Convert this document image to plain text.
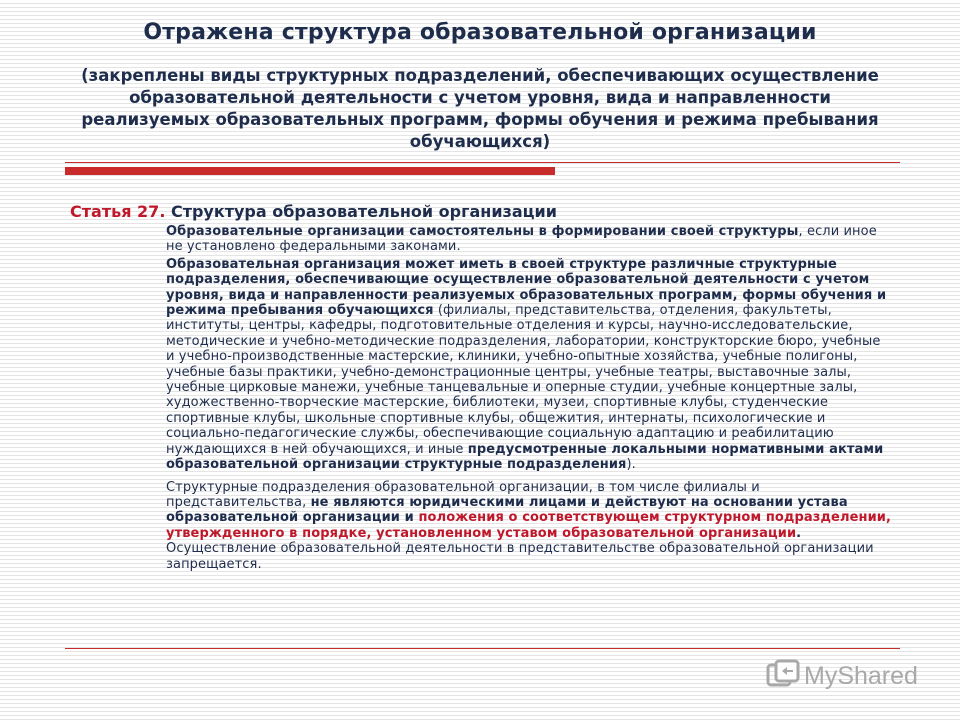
Отражена структура образовательной организации
(закреплены виды структурных подразделений, обеспечивающих осуществление образовательной деятельности с учетом уровня, вида и направленности реализуемых образовательных программ, формы обучения и режима пребывания обучающихся)
Статья 27. Структура образовательной организации

Образовательные организации самостоятельны в формировании своей структуры, если иное не установлено федеральными законами.

Образовательная организация может иметь в своей структуре различные структурные подразделения, обеспечивающие осуществление образовательной деятельности с учетом уровня, вида и направленности реализуемых образовательных программ, формы обучения и режима пребывания обучающихся (филиалы, представительства, отделения, факультеты, институты, центры, кафедры, подготовительные отделения и курсы, научно-исследовательские, методические и учебно-методические подразделения, лаборатории, конструкторские бюро, учебные и учебно-производственные мастерские, клиники, учебно-опытные хозяйства, учебные полигоны, учебные базы практики, учебно-демонстрационные центры, учебные театры, выставочные залы, учебные цирковые манежи, учебные танцевальные и оперные студии, учебные концертные залы, художественно-творческие мастерские, библиотеки, музеи, спортивные клубы, студенческие спортивные клубы, школьные спортивные клубы, общежития, интернаты, психологические и социально-педагогические службы, обеспечивающие социальную адаптацию и реабилитацию нуждающихся в ней обучающихся, и иные предусмотренные локальными нормативными актами образовательной организации структурные подразделения).

Структурные подразделения образовательной организации, в том числе филиалы и представительства, не являются юридическими лицами и действуют на основании устава образовательной организации и положения о соответствующем структурном подразделении, утвержденного в порядке, установленном уставом образовательной организации. Осуществление образовательной деятельности в представительстве образовательной организации запрещается.

MyShared
